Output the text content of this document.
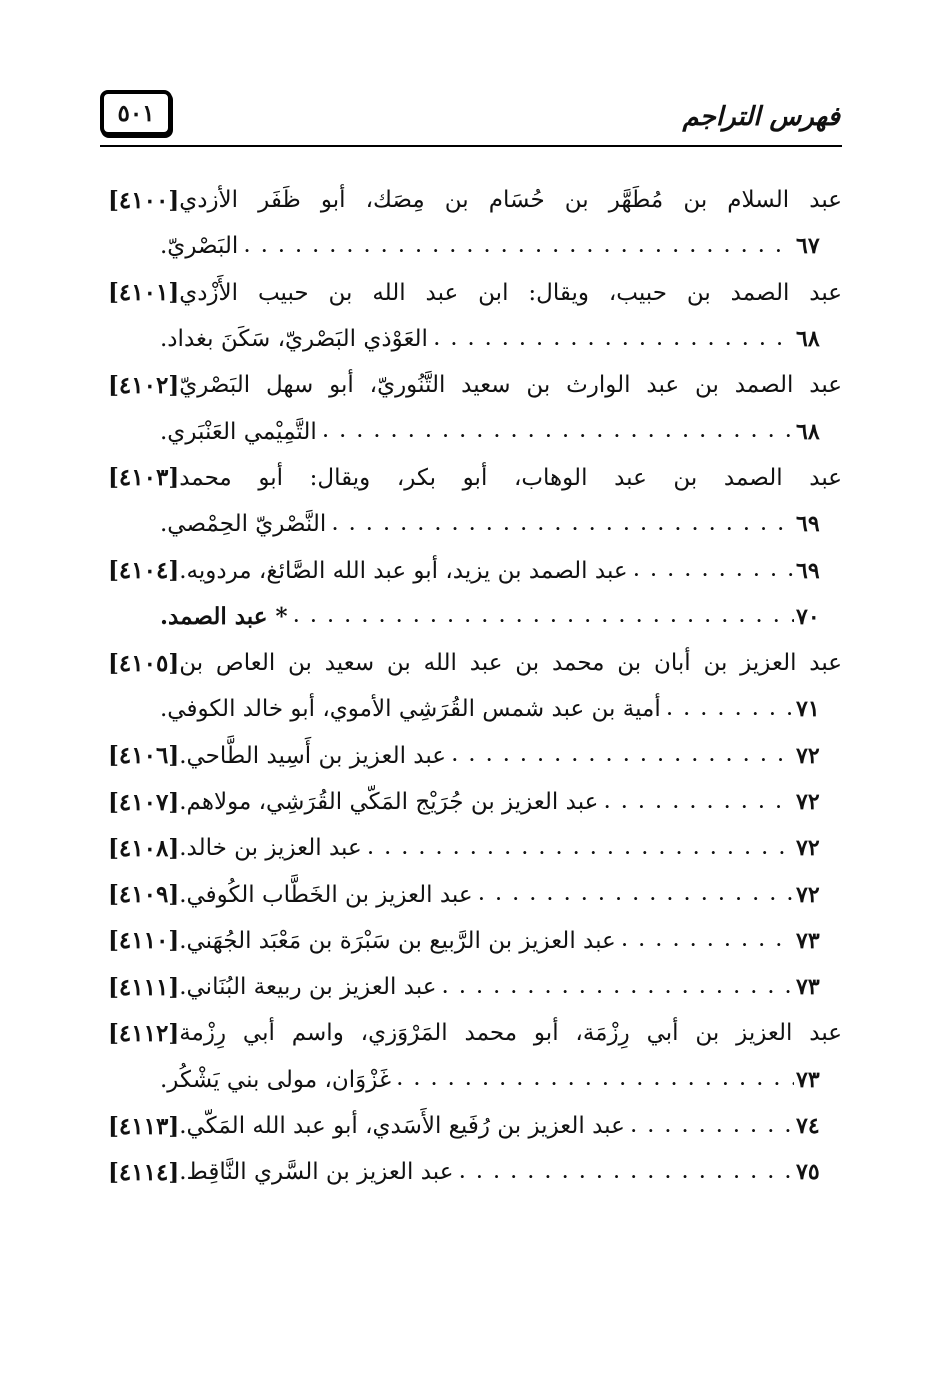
٥٠١	فهرس التراجم
[٤١٠٠] عبد السلام بن مُطَهَّر بن حُسَام بن مِصَك، أبو ظَفَر الأزدي
البَصْريّ. . . .	٦٧
[٤١٠١] عبد الصمد بن حبيب، ويقال: ابن عبد الله بن حبيب الأَزْدي
العَوْذي البَصْريّ، سَكَنَ بغداد. . . .	٦٨
[٤١٠٢] عبد الصمد بن عبد الوارث بن سعيد التَّنُوريّ، أبو سهل البَصْريّ
التَّمِيْمي العَنْبَري. . . .	٦٨
[٤١٠٣] عبد الصمد بن عبد الوهاب، أبو بكر، ويقال: أبو محمد
النَّصْريّ الحِمْصي. . . .	٦٩
[٤١٠٤] عبد الصمد بن يزيد، أبو عبد الله الصَّائغ، مردويه. . . .	٦٩
* عبد الصمد. . . .	٧٠
[٤١٠٥] عبد العزيز بن أبان بن محمد بن عبد الله بن سعيد بن العاص بن
أمية بن عبد شمس القُرَشِي الأموي، أبو خالد الكوفي. . . .	٧١
[٤١٠٦] عبد العزيز بن أَسِيد الطَّاحي. . . .	٧٢
[٤١٠٧] عبد العزيز بن جُرَيْج المَكّي القُرَشِي، مولاهم. . . .	٧٢
[٤١٠٨] عبد العزيز بن خالد. . . .	٧٢
[٤١٠٩] عبد العزيز بن الخَطَّاب الكُوفي. . . .	٧٢
[٤١١٠] عبد العزيز بن الرَّبيع بن سَبْرَة بن مَعْبَد الجُهَني. . . .	٧٣
[٤١١١] عبد العزيز بن ربيعة البُنَاني. . . .	٧٣
[٤١١٢] عبد العزيز بن أبي رِزْمَة، أبو محمد المَرْوَزي، واسم أبي رِزْمة
غَزْوَان، مولى بني يَشْكُر. . . .	٧٣
[٤١١٣] عبد العزيز بن رُفَيع الأَسَدي، أبو عبد الله المَكّي. . . .	٧٤
[٤١١٤] عبد العزيز بن السَّري النَّاقِط. . . .	٧٥
